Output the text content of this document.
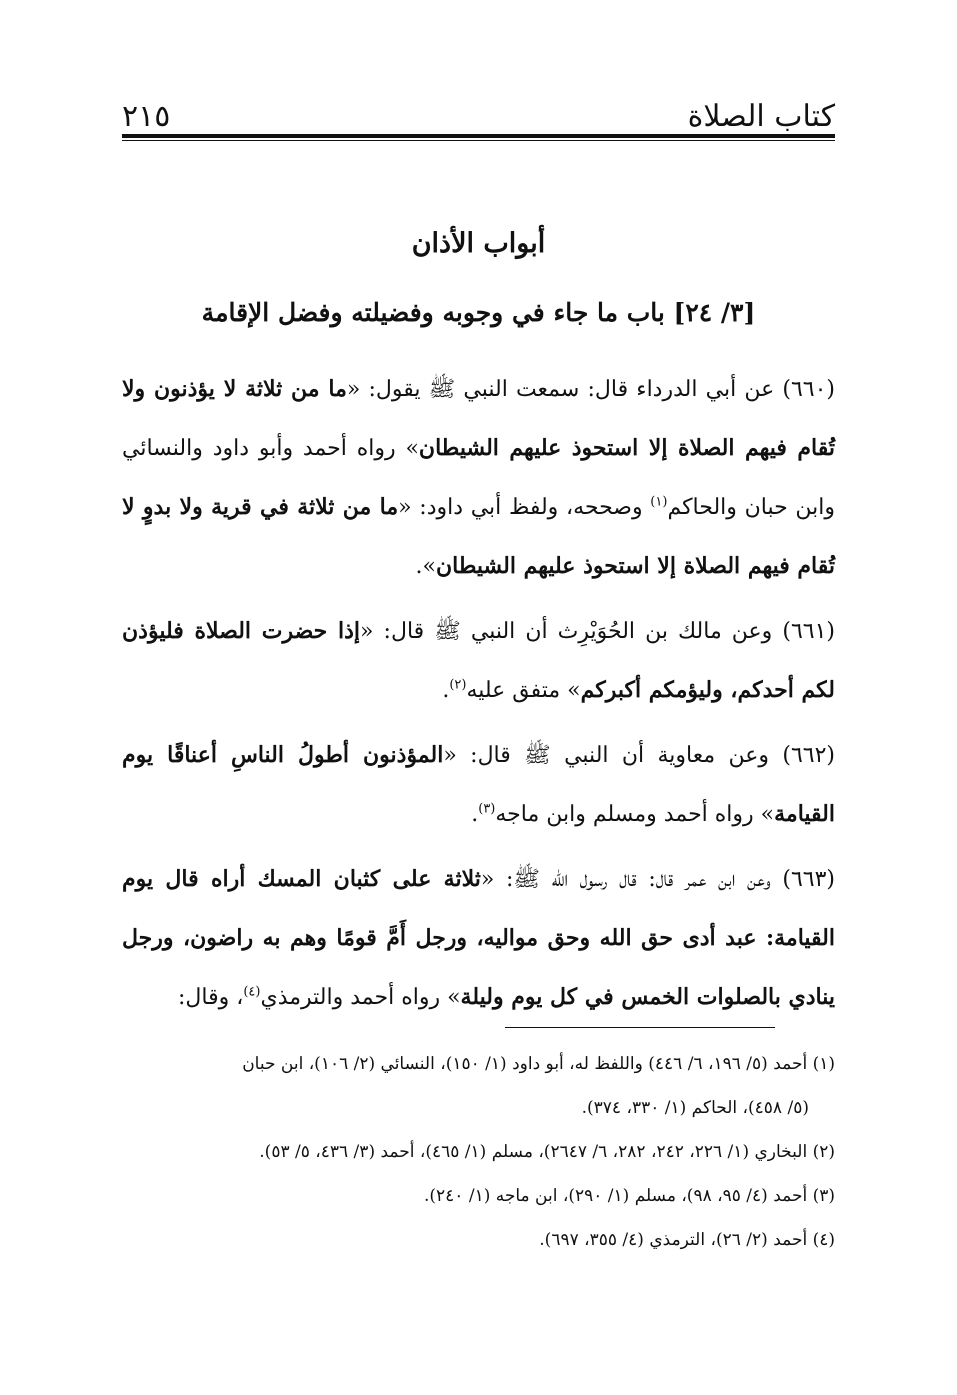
كتاب الصلاة
٢١٥
أبواب الأذان
[٣/ ٢٤] باب ما جاء في وجوبه وفضيلته وفضل الإقامة

(٦٦٠) عن أبي الدرداء قال: سمعت النبي ﷺ يقول: «ما من ثلاثة لا يؤذنون ولا تُقام فيهم الصلاة إلا استحوذ عليهم الشيطان» رواه أحمد وأبو داود والنسائي وابن حبان والحاكم$^{(١)}$ وصححه، ولفظ أبي داود: «ما من ثلاثة في قرية ولا بدوٍ لا تُقام فيهم الصلاة إلا استحوذ عليهم الشيطان».

(٦٦١) وعن مالك بن الحُوَيْرِث أن النبي ﷺ قال: «إذا حضرت الصلاة فليؤذن لكم أحدكم، وليؤمكم أكبركم» متفق عليه$^{(٢)}$.

(٦٦٢) وعن معاوية أن النبي ﷺ قال: «المؤذنون أطولُ الناسِ أعناقًا يوم القيامة» رواه أحمد ومسلم وابن ماجه$^{(٣)}$.

(٦٦٣) وعن ابن عمر قال: قال رسول الله ﷺ: «ثلاثة على كثبان المسك أراه قال يوم القيامة: عبد أدى حق الله وحق مواليه، ورجل أَمَّ قومًا وهم به راضون، ورجل ينادي بالصلوات الخمس في كل يوم وليلة» رواه أحمد والترمذي$^{(٤)}$، وقال:

(١) أحمد (٥/ ١٩٦، ٦/ ٤٤٦) واللفظ له، أبو داود (١/ ١٥٠)، النسائي (٢/ ١٠٦)، ابن حبان

(٥/ ٤٥٨)، الحاكم (١/ ٣٣٠، ٣٧٤).

(٢) البخاري (١/ ٢٢٦، ٢٤٢، ٢٨٢، ٦/ ٢٦٤٧)، مسلم (١/ ٤٦٥)، أحمد (٣/ ٤٣٦، ٥/ ٥٣).

(٣) أحمد (٤/ ٩٥، ٩٨)، مسلم (١/ ٢٩٠)، ابن ماجه (١/ ٢٤٠).

(٤) أحمد (٢/ ٢٦)، الترمذي (٤/ ٣٥٥، ٦٩٧).
